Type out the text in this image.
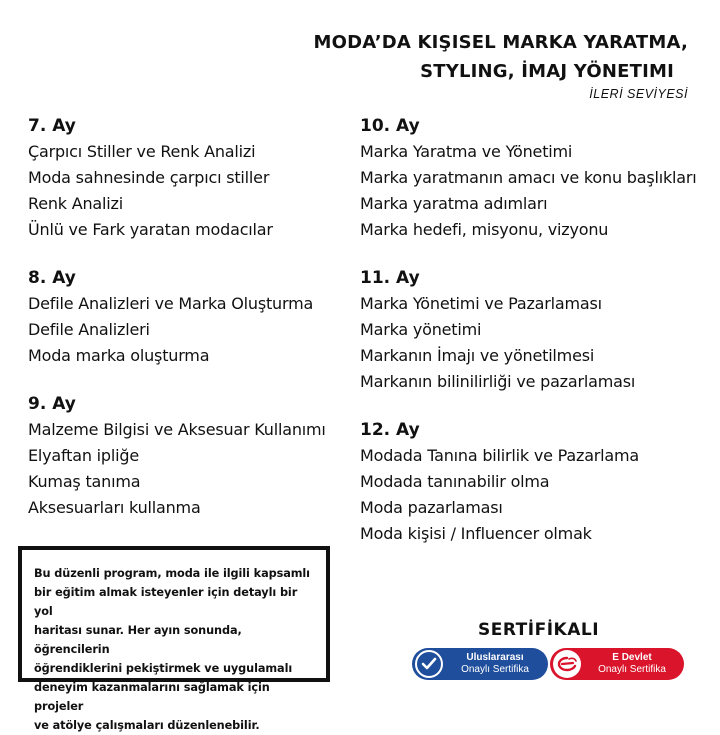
MODA’DA KIŞISEL MARKA YARATMA,
STYLING, İMAJ YÖNETIMI
İLERİ SEVİYESİ
7. Ay
Çarpıcı Stiller ve Renk Analizi
Moda sahnesinde çarpıcı stiller
Renk Analizi
Ünlü ve Fark yaratan modacılar
8. Ay
Defile Analizleri ve Marka Oluşturma
Defile Analizleri
Moda marka oluşturma
9. Ay
Malzeme Bilgisi ve Aksesuar Kullanımı
Elyaftan ipliğe
Kumaş tanıma
Aksesuarları kullanma
10. Ay
Marka Yaratma ve Yönetimi
Marka yaratmanın amacı ve konu başlıkları
Marka yaratma adımları
Marka hedefi, misyonu, vizyonu
11. Ay
Marka Yönetimi ve Pazarlaması
Marka yönetimi
Markanın İmajı ve yönetilmesi
Markanın bilinilirliği ve pazarlaması
12. Ay
Modada Tanına bilirlik ve Pazarlama
Modada tanınabilir olma
Moda pazarlaması
Moda kişisi / Influencer olmak
Bu düzenli program, moda ile ilgili kapsamlı
bir eğitim almak isteyenler için detaylı bir yol
haritası sunar. Her ayın sonunda, öğrencilerin
öğrendiklerini pekiştirmek ve uygulamalı
deneyim kazanmalarını sağlamak için projeler
ve atölye çalışmaları düzenlenebilir.
SERTİFİKALI
Uluslararası
Onaylı Sertifika
E Devlet
Onaylı Sertifika
